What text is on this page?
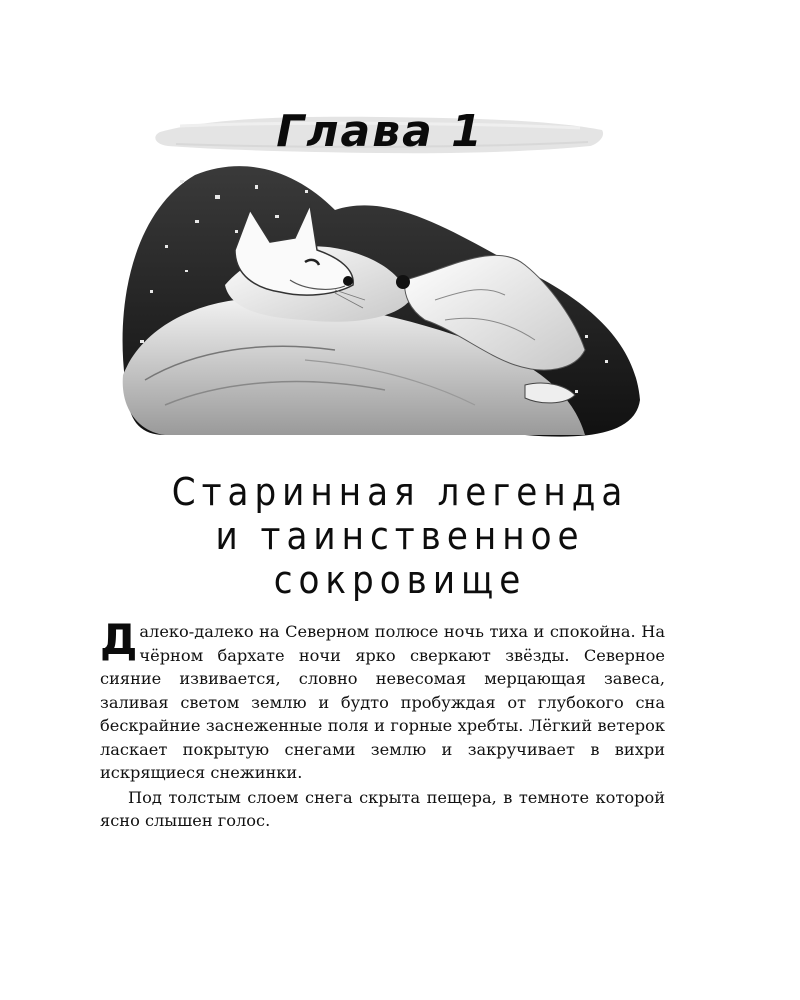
Глава 1
Старинная легенда
и таинственное
сокровище

Далеко-далеко на Северном полюсе ночь тиха и спокойна. На чёрном бархате ночи ярко сверкают звёзды. Северное сияние извивается, словно невесомая мерцающая завеса, заливая светом землю и будто пробуждая от глубокого сна бескрайние заснеженные поля и горные хребты. Лёгкий ветерок ласкает покрытую снегами землю и закручивает в вихри искрящиеся снежинки.

Под толстым слоем снега скрыта пещера, в темноте которой ясно слышен голос.
